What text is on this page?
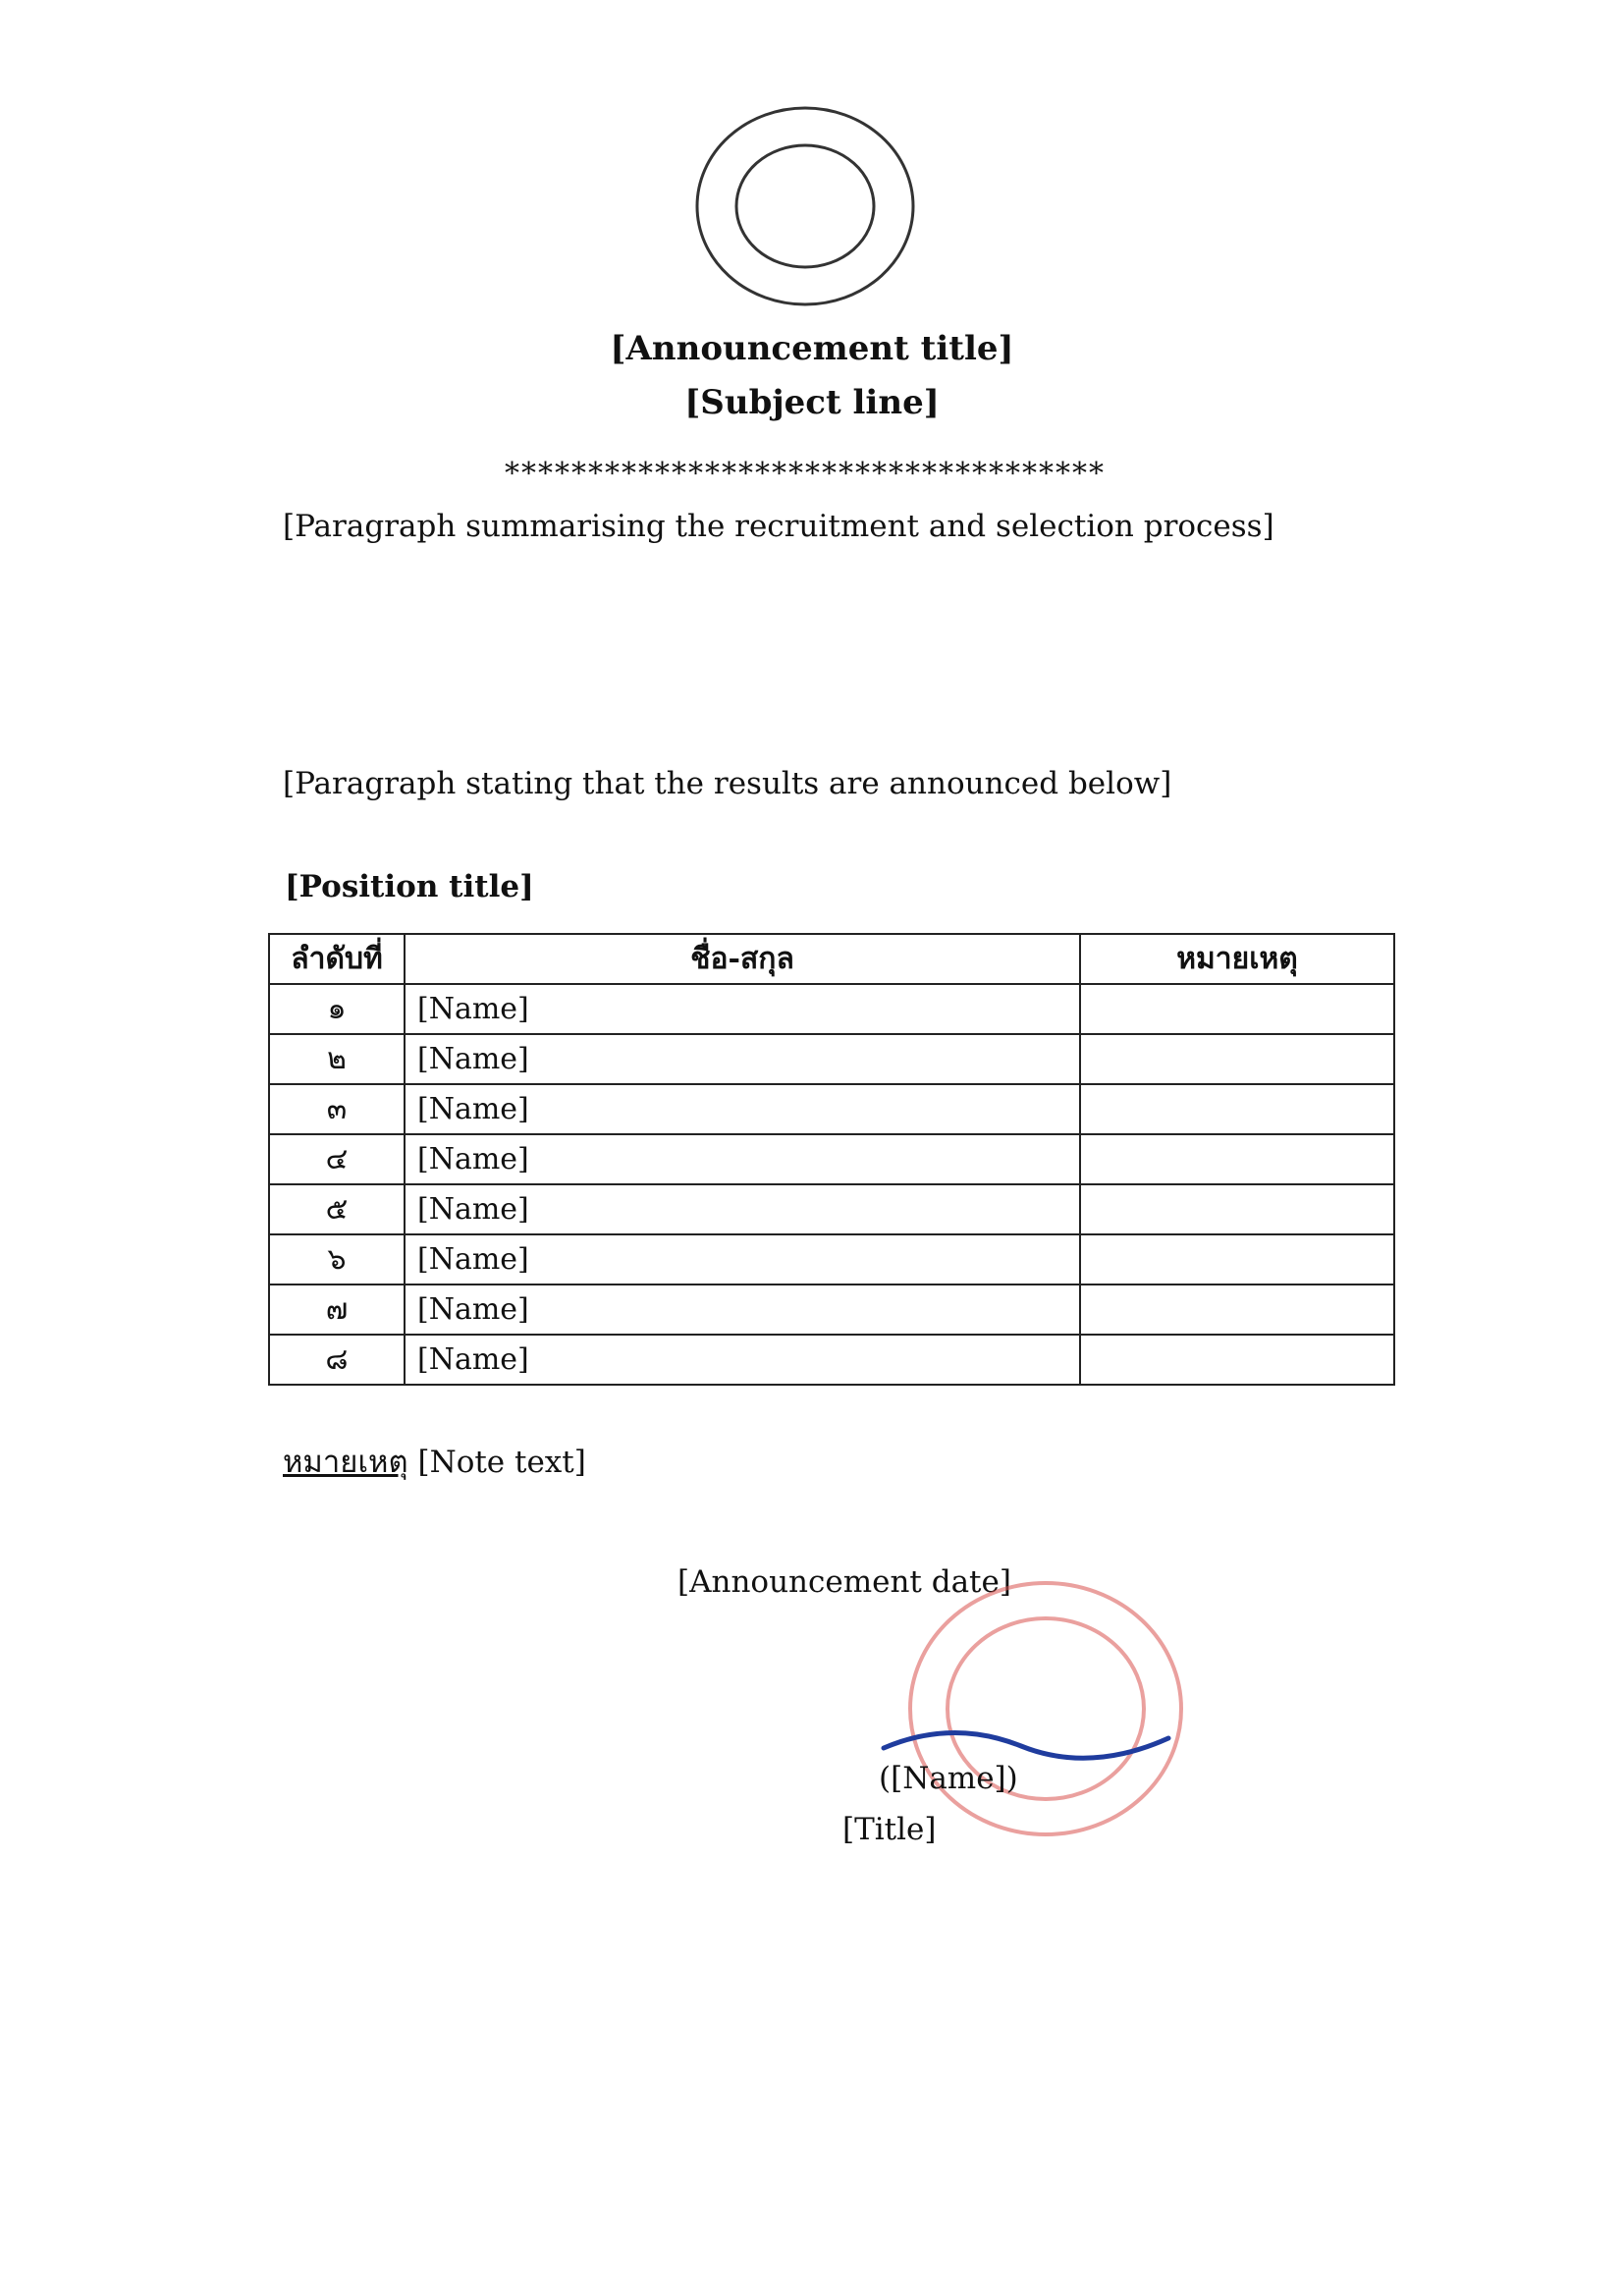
[Announcement title]
[Subject line]
************************************
[Paragraph summarising the recruitment and selection process]
[Paragraph stating that the results are announced below]
[Position title]
ลำดับที่	ชื่อ-สกุล	หมายเหตุ
๑	[Name]	
๒	[Name]	
๓	[Name]	
๔	[Name]	
๕	[Name]	
๖	[Name]	
๗	[Name]	
๘	[Name]	
หมายเหตุ [Note text]
[Announcement date]
([Name])
[Title]
